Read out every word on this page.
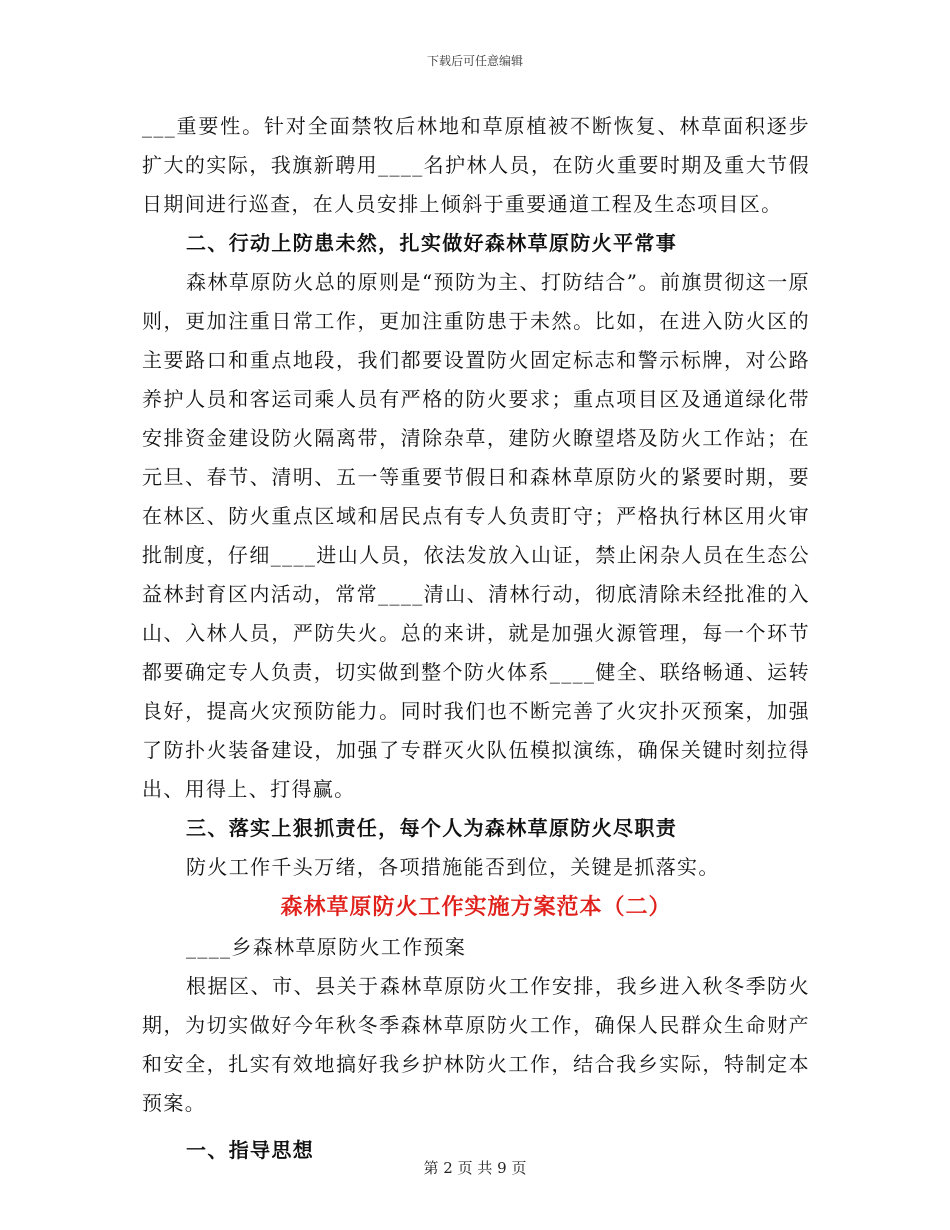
下载后可任意编辑

___重要性。针对全面禁牧后林地和草原植被不断恢复、林草面积逐步扩大的实际，我旗新聘用____名护林人员，在防火重要时期及重大节假日期间进行巡查，在人员安排上倾斜于重要通道工程及生态项目区。

二、行动上防患未然，扎实做好森林草原防火平常事

森林草原防火总的原则是“预防为主、打防结合”。前旗贯彻这一原则，更加注重日常工作，更加注重防患于未然。比如，在进入防火区的主要路口和重点地段，我们都要设置防火固定标志和警示标牌，对公路养护人员和客运司乘人员有严格的防火要求；重点项目区及通道绿化带安排资金建设防火隔离带，清除杂草，建防火瞭望塔及防火工作站；在元旦、春节、清明、五一等重要节假日和森林草原防火的紧要时期，要在林区、防火重点区域和居民点有专人负责盯守；严格执行林区用火审批制度，仔细____进山人员，依法发放入山证，禁止闲杂人员在生态公益林封育区内活动，常常____清山、清林行动，彻底清除未经批准的入山、入林人员，严防失火。总的来讲，就是加强火源管理，每一个环节都要确定专人负责，切实做到整个防火体系____健全、联络畅通、运转良好，提高火灾预防能力。同时我们也不断完善了火灾扑灭预案，加强了防扑火装备建设，加强了专群灭火队伍模拟演练，确保关键时刻拉得出、用得上、打得赢。

三、落实上狠抓责任，每个人为森林草原防火尽职责

防火工作千头万绪，各项措施能否到位，关键是抓落实。

森林草原防火工作实施方案范本（二）

____乡森林草原防火工作预案

根据区、市、县关于森林草原防火工作安排，我乡进入秋冬季防火期，为切实做好今年秋冬季森林草原防火工作，确保人民群众生命财产和安全，扎实有效地搞好我乡护林防火工作，结合我乡实际，特制定本预案。

一、指导思想

第 2 页 共 9 页
